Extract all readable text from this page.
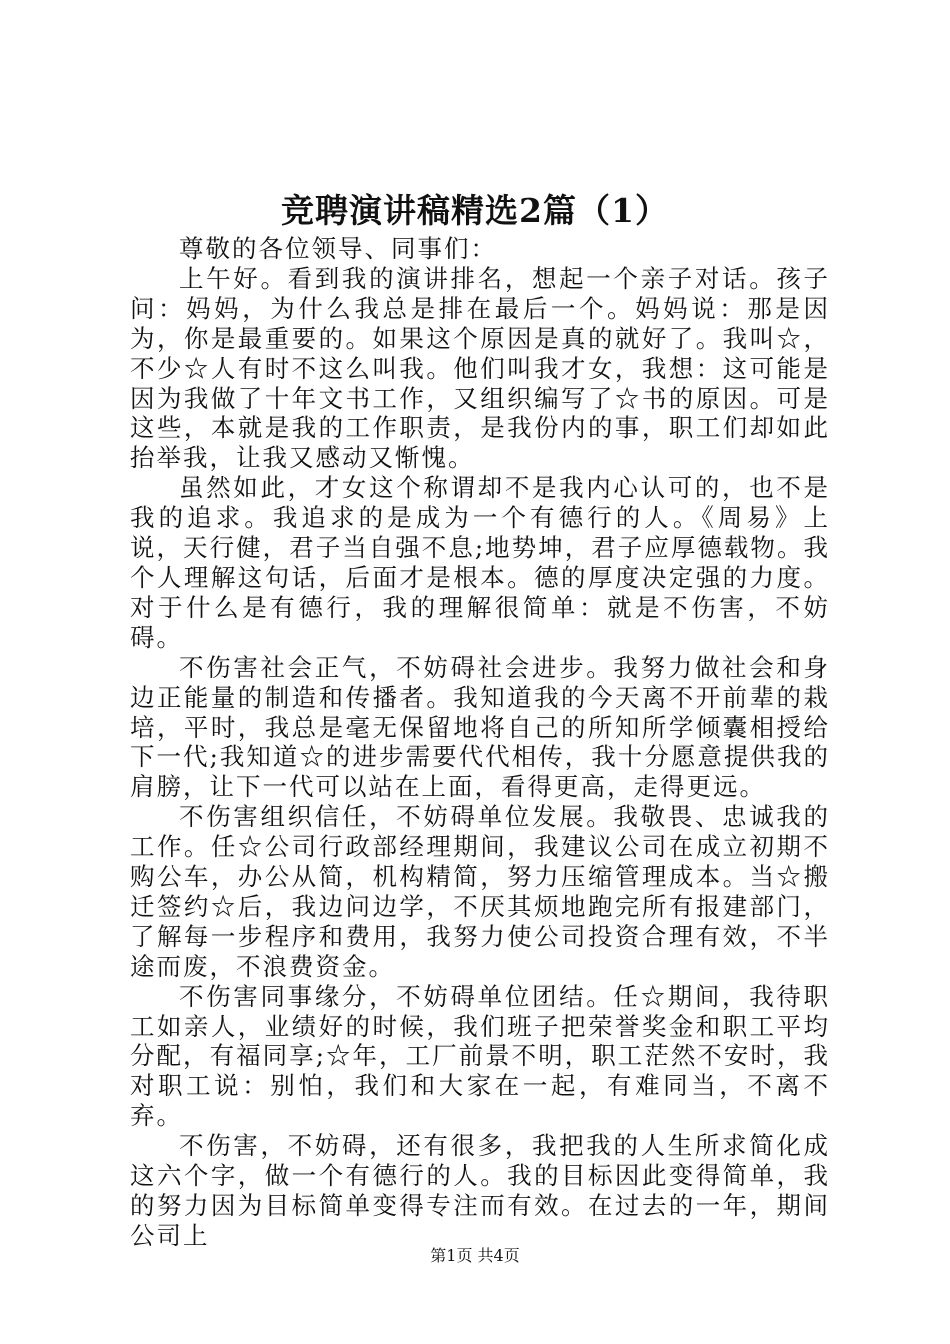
竞聘演讲稿精选2篇（1）

尊敬的各位领导、同事们：

上午好。看到我的演讲排名，想起一个亲子对话。孩子问：妈妈，为什么我总是排在最后一个。妈妈说：那是因为，你是最重要的。如果这个原因是真的就好了。我叫☆，不少☆人有时不这么叫我。他们叫我才女，我想：这可能是因为我做了十年文书工作，又组织编写了☆书的原因。可是这些，本就是我的工作职责，是我份内的事，职工们却如此抬举我，让我又感动又惭愧。

虽然如此，才女这个称谓却不是我内心认可的，也不是我的追求。我追求的是成为一个有德行的人。《周易》上说，天行健，君子当自强不息;地势坤，君子应厚德载物。我个人理解这句话，后面才是根本。德的厚度决定强的力度。对于什么是有德行，我的理解很简单：就是不伤害，不妨碍。

不伤害社会正气，不妨碍社会进步。我努力做社会和身边正能量的制造和传播者。我知道我的今天离不开前辈的栽培，平时，我总是毫无保留地将自己的所知所学倾囊相授给下一代;我知道☆的进步需要代代相传，我十分愿意提供我的肩膀，让下一代可以站在上面，看得更高，走得更远。

不伤害组织信任，不妨碍单位发展。我敬畏、忠诚我的工作。任☆公司行政部经理期间，我建议公司在成立初期不购公车，办公从简，机构精简，努力压缩管理成本。当☆搬迁签约☆后，我边问边学，不厌其烦地跑完所有报建部门，了解每一步程序和费用，我努力使公司投资合理有效，不半途而废，不浪费资金。

不伤害同事缘分，不妨碍单位团结。任☆期间，我待职工如亲人，业绩好的时候，我们班子把荣誉奖金和职工平均分配，有福同享;☆年，工厂前景不明，职工茫然不安时，我对职工说：别怕，我们和大家在一起，有难同当，不离不弃。

不伤害，不妨碍，还有很多，我把我的人生所求简化成这六个字，做一个有德行的人。我的目标因此变得简单，我的努力因为目标简单变得专注而有效。在过去的一年，期间公司上

第1页 共4页
